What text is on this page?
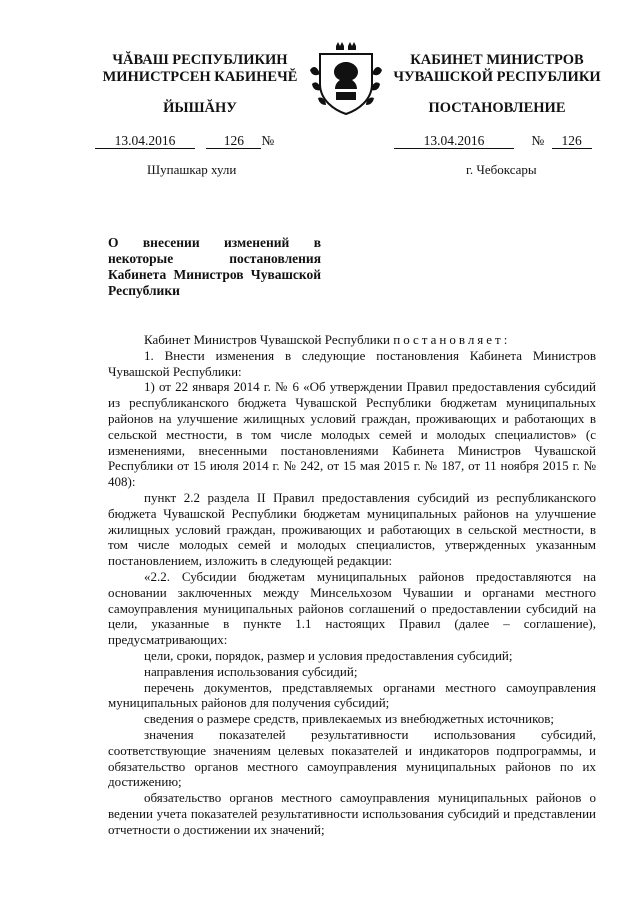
ЧĂВАШ РЕСПУБЛИКИН
МИНИСТРСЕН КАБИНЕЧĔ
ЙЫШĂНУ
КАБИНЕТ МИНИСТРОВ
ЧУВАШСКОЙ РЕСПУБЛИКИ
ПОСТАНОВЛЕНИЕ
13.04.2016	126 №	13.04.2016	№ 126
Шупашкар хули	г. Чебоксары
О внесении изменений в некоторые постановления Кабинета Министров Чувашской Республики

Кабинет Министров Чувашской Республики постановляет:

1. Внести изменения в следующие постановления Кабинета Министров Чувашской Республики:

1) от 22 января 2014 г. № 6 «Об утверждении Правил предоставления субсидий из республиканского бюджета Чувашской Республики бюджетам муниципальных районов на улучшение жилищных условий граждан, проживающих и работающих в сельской местности, в том числе молодых семей и молодых специалистов» (с изменениями, внесенными постановлениями Кабинета Министров Чувашской Республики от 15 июля 2014 г. № 242, от 15 мая 2015 г. № 187, от 11 ноября 2015 г. № 408):

пункт 2.2 раздела II Правил предоставления субсидий из республиканского бюджета Чувашской Республики бюджетам муниципальных районов на улучшение жилищных условий граждан, проживающих и работающих в сельской местности, в том числе молодых семей и молодых специалистов, утвержденных указанным постановлением, изложить в следующей редакции:

«2.2. Субсидии бюджетам муниципальных районов предоставляются на основании заключенных между Минсельхозом Чувашии и органами местного самоуправления муниципальных районов соглашений о предоставлении субсидий на цели, указанные в пункте 1.1 настоящих Правил (далее – соглашение), предусматривающих:

цели, сроки, порядок, размер и условия предоставления субсидий;

направления использования субсидий;

перечень документов, представляемых органами местного самоуправления муниципальных районов для получения субсидий;

сведения о размере средств, привлекаемых из внебюджетных источников;

значения показателей результативности использования субсидий, соответствующие значениям целевых показателей и индикаторов подпрограммы, и обязательство органов местного самоуправления муниципальных районов по их достижению;

обязательство органов местного самоуправления муниципальных районов о ведении учета показателей результативности использования субсидий и представлении отчетности о достижении их значений;
